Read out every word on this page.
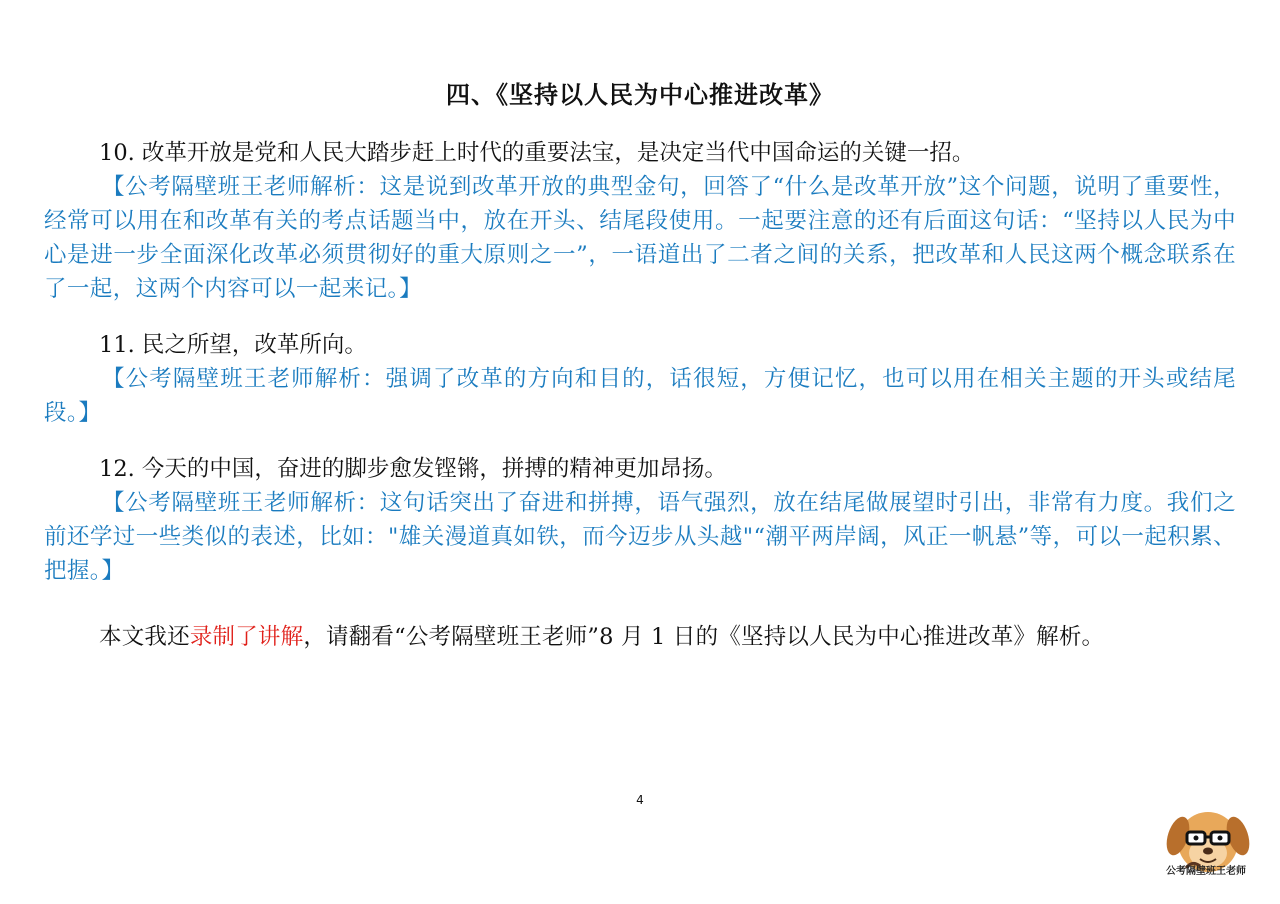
四、《坚持以人民为中心推进改革》
10. 改革开放是党和人民大踏步赶上时代的重要法宝，是决定当代中国命运的关键一招。
【公考隔壁班王老师解析：这是说到改革开放的典型金句，回答了“什么是改革开放”这个问题，说明了重要性，经常可以用在和改革有关的考点话题当中，放在开头、结尾段使用。一起要注意的还有后面这句话：“坚持以人民为中心是进一步全面深化改革必须贯彻好的重大原则之一”，一语道出了二者之间的关系，把改革和人民这两个概念联系在了一起，这两个内容可以一起来记。】
11. 民之所望，改革所向。
【公考隔壁班王老师解析：强调了改革的方向和目的，话很短，方便记忆，也可以用在相关主题的开头或结尾段。】
12. 今天的中国，奋进的脚步愈发铿锵，拼搏的精神更加昂扬。
【公考隔壁班王老师解析：这句话突出了奋进和拼搏，语气强烈，放在结尾做展望时引出，非常有力度。我们之前还学过一些类似的表述，比如："雄关漫道真如铁，而今迈步从头越"“潮平两岸阔，风正一帆悬”等，可以一起积累、把握。】
本文我还录制了讲解，请翻看“公考隔壁班王老师”8 月 1 日的《坚持以人民为中心推进改革》解析。
4
公考隔壁班王老师
